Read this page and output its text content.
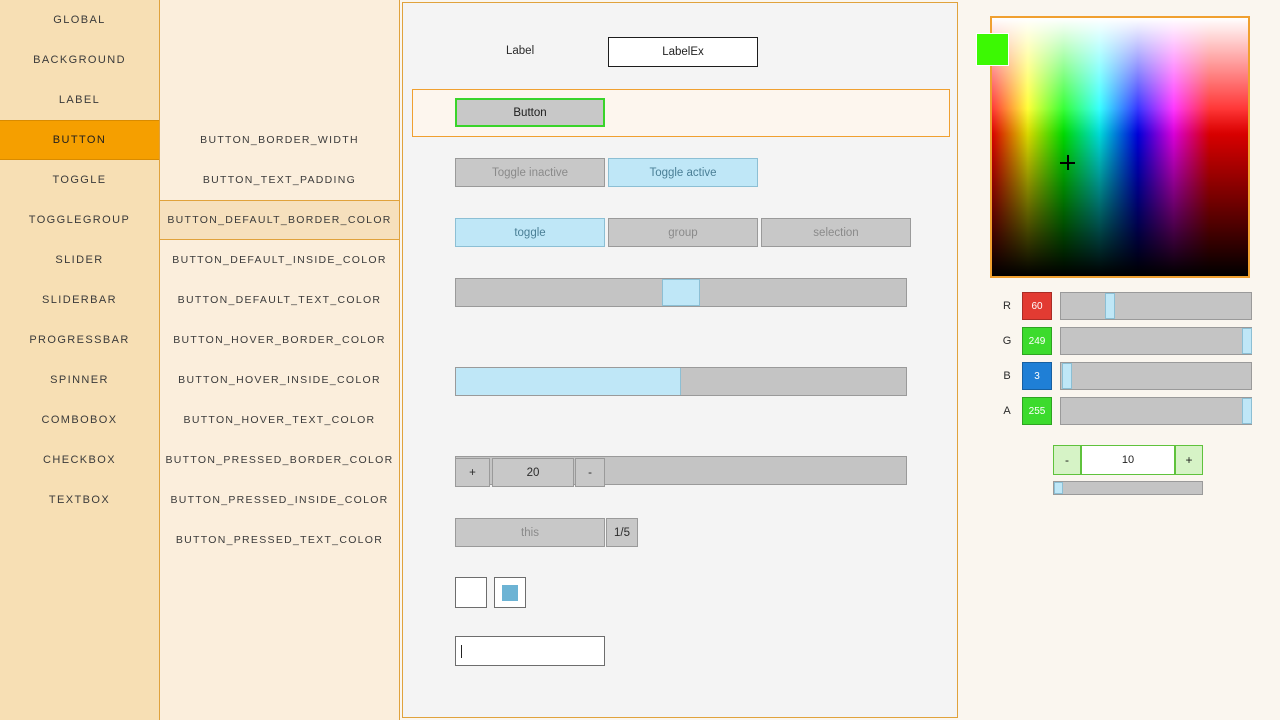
GLOBAL
BACKGROUND
LABEL
BUTTON
TOGGLE
TOGGLEGROUP
SLIDER
SLIDERBAR
PROGRESSBAR
SPINNER
COMBOBOX
CHECKBOX
TEXTBOX
BUTTON_BORDER_WIDTH
BUTTON_TEXT_PADDING
BUTTON_DEFAULT_BORDER_COLOR
BUTTON_DEFAULT_INSIDE_COLOR
BUTTON_DEFAULT_TEXT_COLOR
BUTTON_HOVER_BORDER_COLOR
BUTTON_HOVER_INSIDE_COLOR
BUTTON_HOVER_TEXT_COLOR
BUTTON_PRESSED_BORDER_COLOR
BUTTON_PRESSED_INSIDE_COLOR
BUTTON_PRESSED_TEXT_COLOR
Label	LabelEx
Button
Toggle inactive	Toggle active
toggle	group	selection
+	20	-
this	1/5
R	60
G	249
B	3
A	255
-	10	+
